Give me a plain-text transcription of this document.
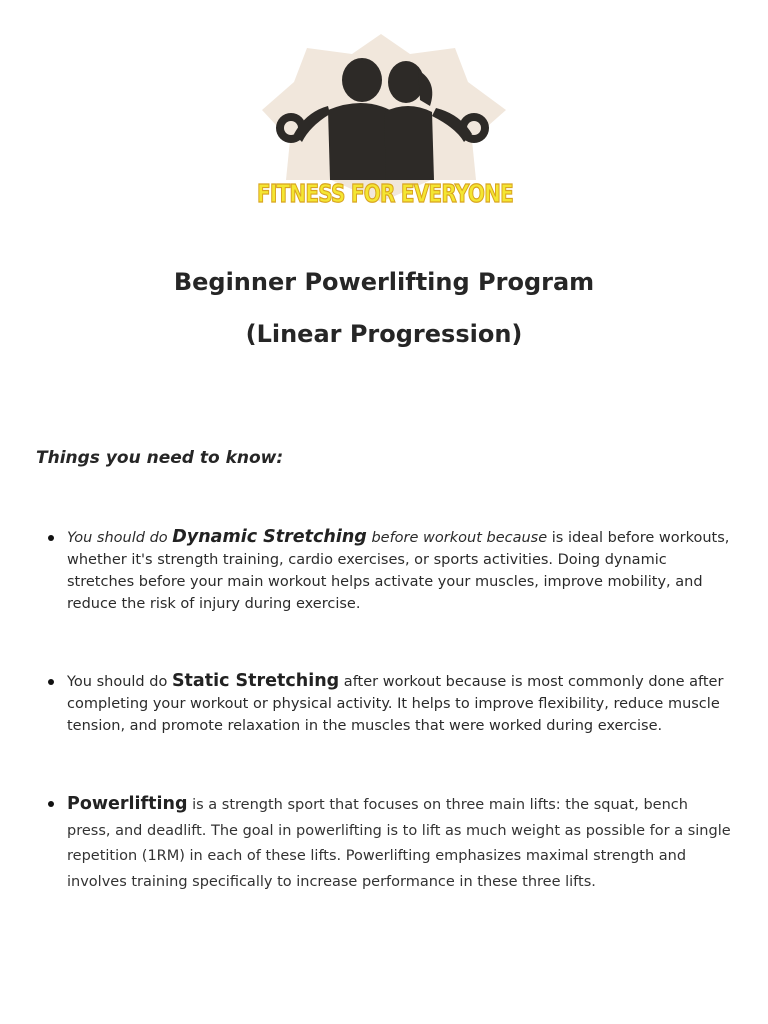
FITNESS FOR EVERYONE
Beginner Powerlifting Program
(Linear Progression)
Things you need to know:
You should do Dynamic Stretching before workout because is ideal before workouts, whether it's strength training, cardio exercises, or sports activities. Doing dynamic stretches before your main workout helps activate your muscles, improve mobility, and reduce the risk of injury during exercise.
You should do Static Stretching after workout because is most commonly done after completing your workout or physical activity. It helps to improve flexibility, reduce muscle tension, and promote relaxation in the muscles that were worked during exercise.
Powerlifting is a strength sport that focuses on three main lifts: the squat, bench press, and deadlift. The goal in powerlifting is to lift as much weight as possible for a single repetition (1RM) in each of these lifts. Powerlifting emphasizes maximal strength and involves training specifically to increase performance in these three lifts.
